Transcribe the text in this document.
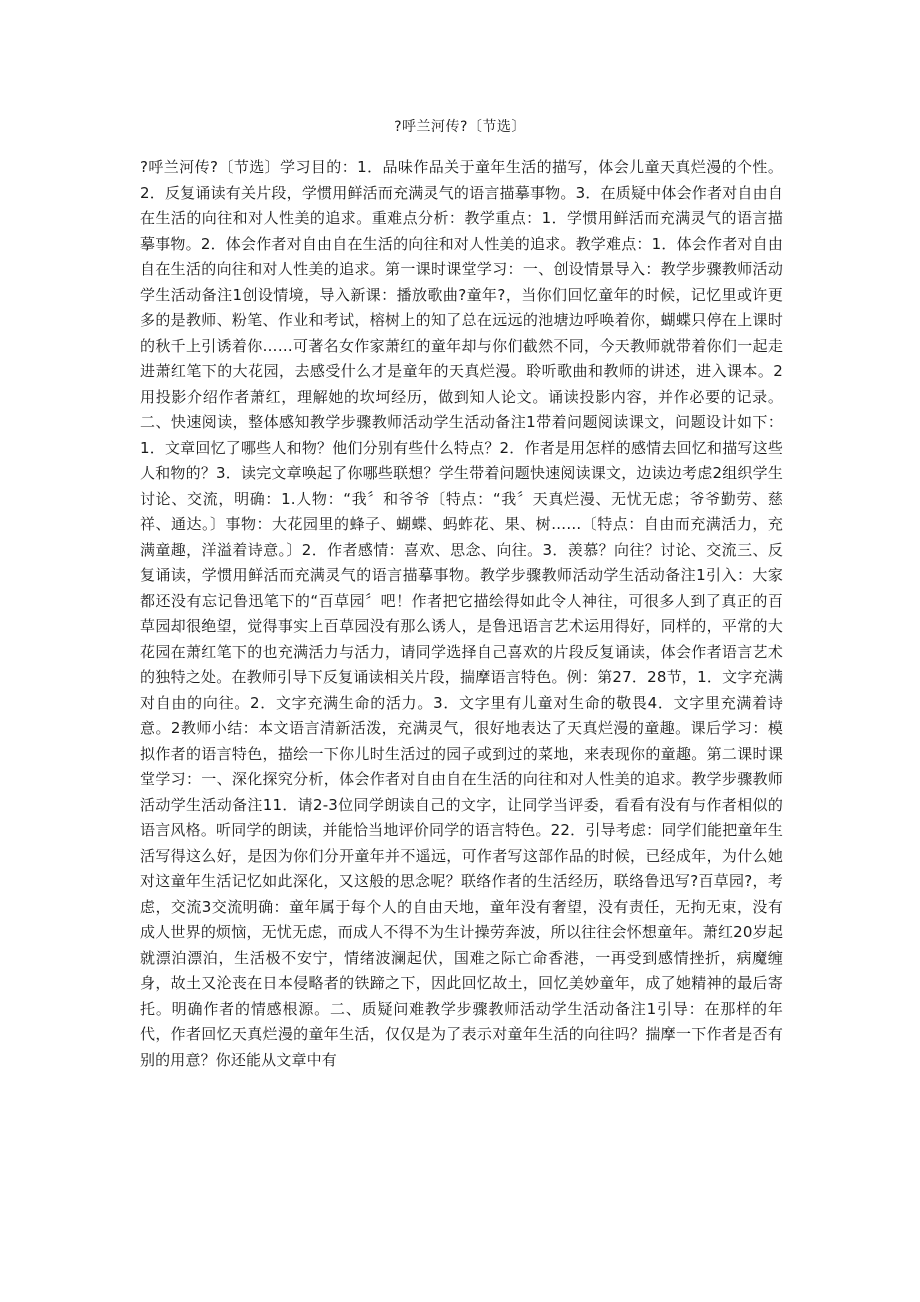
?呼兰河传?〔节选〕

?呼兰河传?〔节选〕学习目的：1．品味作品关于童年生活的描写，体会儿童天真烂漫的个性。2．反复诵读有关片段，学惯用鲜活而充满灵气的语言描摹事物。3．在质疑中体会作者对自由自在生活的向往和对人性美的追求。重难点分析：教学重点：1．学惯用鲜活而充满灵气的语言描摹事物。2．体会作者对自由自在生活的向往和对人性美的追求。教学难点：1．体会作者对自由自在生活的向往和对人性美的追求。第一课时课堂学习：一、创设情景导入：教学步骤教师活动学生活动备注1创设情境，导入新课：播放歌曲?童年?，当你们回忆童年的时候，记忆里或许更多的是教师、粉笔、作业和考试，榕树上的知了总在远远的池塘边呼唤着你，蝴蝶只停在上课时的秋千上引诱着你……可著名女作家萧红的童年却与你们截然不同，今天教师就带着你们一起走进萧红笔下的大花园，去感受什么才是童年的天真烂漫。聆听歌曲和教师的讲述，进入课本。2用投影介绍作者萧红，理解她的坎坷经历，做到知人论文。诵读投影内容，并作必要的记录。二、快速阅读，整体感知教学步骤教师活动学生活动备注1带着问题阅读课文，问题设计如下：1．文章回忆了哪些人和物？他们分别有些什么特点？2．作者是用怎样的感情去回忆和描写这些人和物的？3．读完文章唤起了你哪些联想？学生带着问题快速阅读课文，边读边考虑2组织学生讨论、交流，明确：1.人物：“我〞和爷爷〔特点：“我〞天真烂漫、无忧无虑；爷爷勤劳、慈祥、通达。〕事物：大花园里的蜂子、蝴蝶、蚂蚱花、果、树……〔特点：自由而充满活力，充满童趣，洋溢着诗意。〕2．作者感情：喜欢、思念、向往。3．羡慕？向往？讨论、交流三、反复诵读，学惯用鲜活而充满灵气的语言描摹事物。教学步骤教师活动学生活动备注1引入：大家都还没有忘记鲁迅笔下的“百草园〞吧！作者把它描绘得如此令人神往，可很多人到了真正的百草园却很绝望，觉得事实上百草园没有那么诱人，是鲁迅语言艺术运用得好，同样的，平常的大花园在萧红笔下的也充满活力与活力，请同学选择自己喜欢的片段反复诵读，体会作者语言艺术的独特之处。在教师引导下反复诵读相关片段，揣摩语言特色。例：第27．28节，1．文字充满对自由的向往。2．文字充满生命的活力。3．文字里有儿童对生命的敬畏4．文字里充满着诗意。2教师小结：本文语言清新活泼，充满灵气，很好地表达了天真烂漫的童趣。课后学习：模拟作者的语言特色，描绘一下你儿时生活过的园子或到过的菜地，来表现你的童趣。第二课时课堂学习：一、深化探究分析，体会作者对自由自在生活的向往和对人性美的追求。教学步骤教师活动学生活动备注11．请2-3位同学朗读自己的文字，让同学当评委，看看有没有与作者相似的语言风格。听同学的朗读，并能恰当地评价同学的语言特色。22．引导考虑：同学们能把童年生活写得这么好，是因为你们分开童年并不遥远，可作者写这部作品的时候，已经成年，为什么她对这童年生活记忆如此深化，又这般的思念呢？联络作者的生活经历，联络鲁迅写?百草园?，考虑，交流3交流明确：童年属于每个人的自由天地，童年没有奢望，没有责任，无拘无束，没有成人世界的烦恼，无忧无虑，而成人不得不为生计操劳奔波，所以往往会怀想童年。萧红20岁起就漂泊漂泊，生活极不安宁，情绪波澜起伏，国难之际亡命香港，一再受到感情挫折，病魔缠身，故土又沦丧在日本侵略者的铁蹄之下，因此回忆故土，回忆美妙童年，成了她精神的最后寄托。明确作者的情感根源。二、质疑问难教学步骤教师活动学生活动备注1引导：在那样的年代，作者回忆天真烂漫的童年生活，仅仅是为了表示对童年生活的向往吗？揣摩一下作者是否有别的用意？你还能从文章中有
